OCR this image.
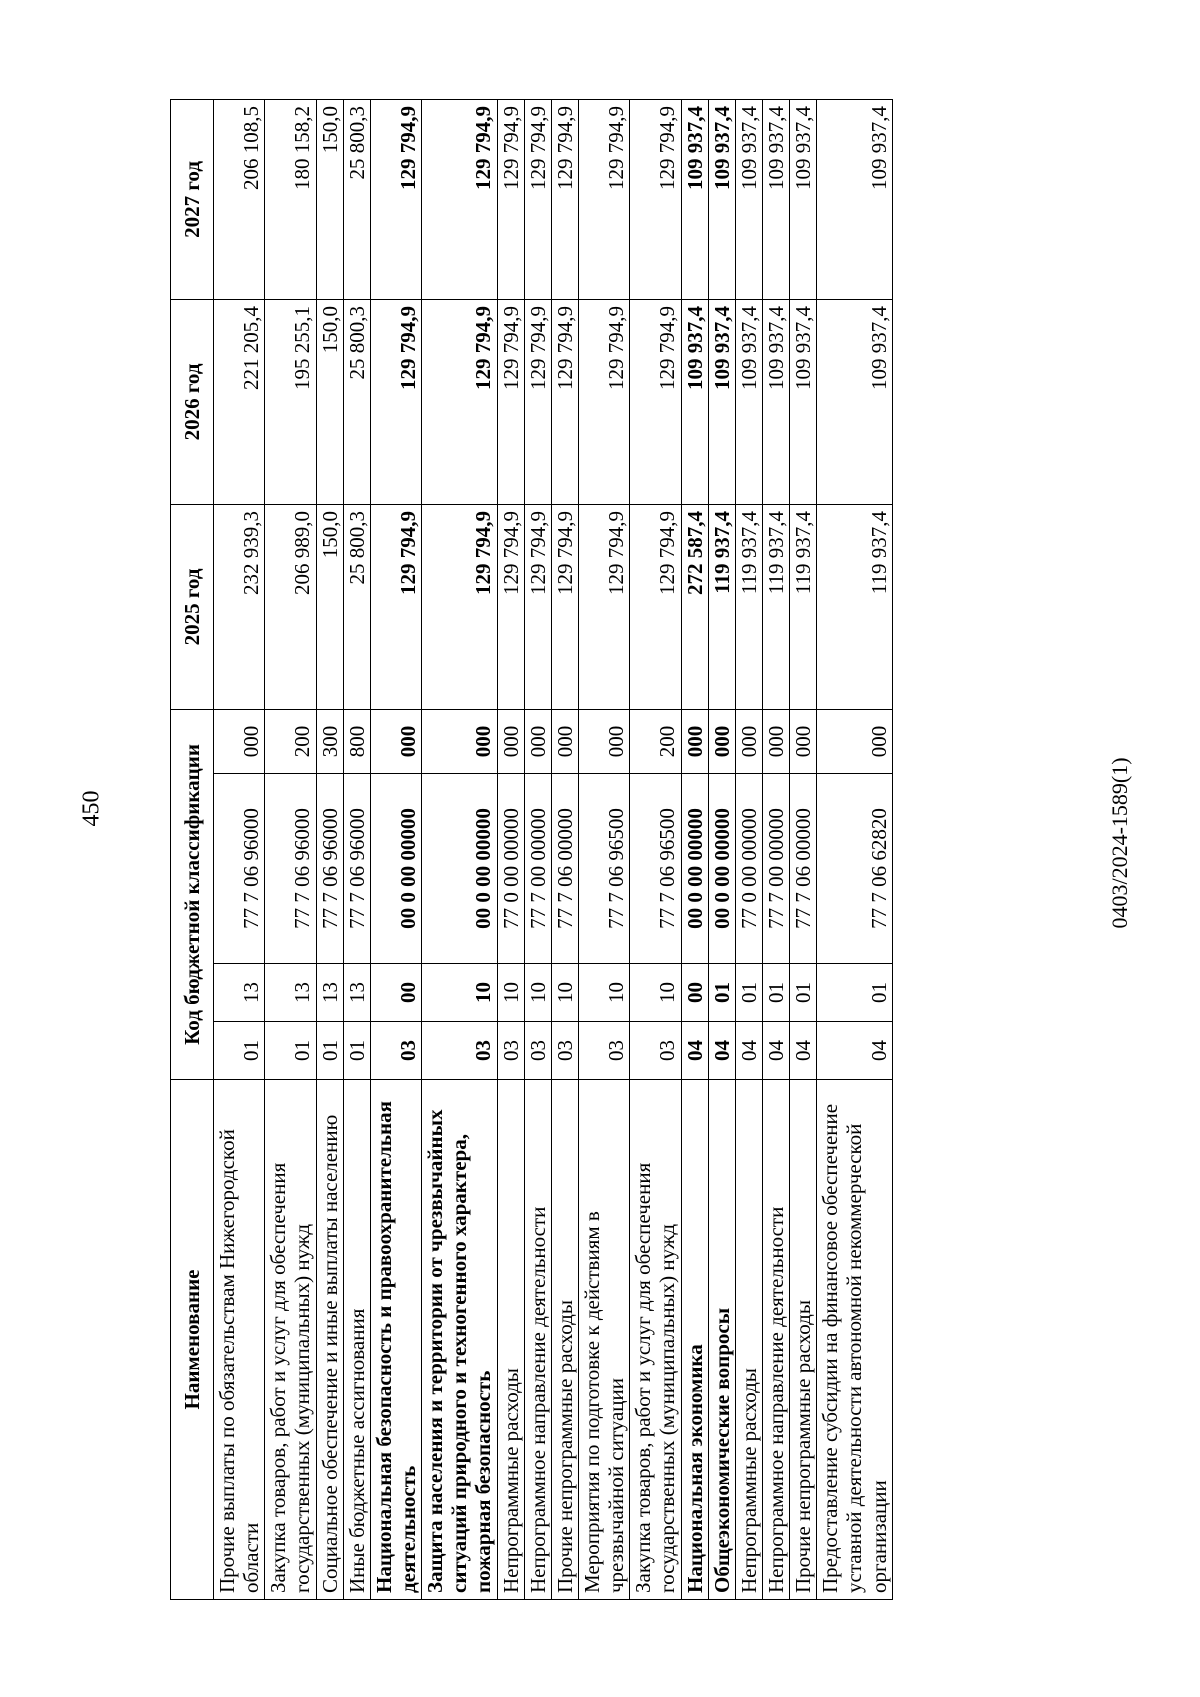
450
Наименование	Код бюджетной классификации				2025 год	2026 год	2027 год
Прочие выплаты по обязательствам Нижегородской области	01	13	77 7 06 96000	000	232 939,3	221 205,4	206 108,5
Закупка товаров, работ и услуг для обеспечения государственных (муниципальных) нужд	01	13	77 7 06 96000	200	206 989,0	195 255,1	180 158,2
Социальное обеспечение и иные выплаты населению	01	13	77 7 06 96000	300	150,0	150,0	150,0
Иные бюджетные ассигнования	01	13	77 7 06 96000	800	25 800,3	25 800,3	25 800,3
Национальная безопасность и правоохранительная деятельность	03	00	00 0 00 00000	000	129 794,9	129 794,9	129 794,9
Защита населения и территории от чрезвычайных ситуаций природного и техногенного характера, пожарная безопасность	03	10	00 0 00 00000	000	129 794,9	129 794,9	129 794,9
Непрограммные расходы	03	10	77 0 00 00000	000	129 794,9	129 794,9	129 794,9
Непрограммное направление деятельности	03	10	77 7 00 00000	000	129 794,9	129 794,9	129 794,9
Прочие непрограммные расходы	03	10	77 7 06 00000	000	129 794,9	129 794,9	129 794,9
Мероприятия по подготовке к действиям в чрезвычайной ситуации	03	10	77 7 06 96500	000	129 794,9	129 794,9	129 794,9
Закупка товаров, работ и услуг для обеспечения государственных (муниципальных) нужд	03	10	77 7 06 96500	200	129 794,9	129 794,9	129 794,9
Национальная экономика	04	00	00 0 00 00000	000	272 587,4	109 937,4	109 937,4
Общеэкономические вопросы	04	01	00 0 00 00000	000	119 937,4	109 937,4	109 937,4
Непрограммные расходы	04	01	77 0 00 00000	000	119 937,4	109 937,4	109 937,4
Непрограммное направление деятельности	04	01	77 7 00 00000	000	119 937,4	109 937,4	109 937,4
Прочие непрограммные расходы	04	01	77 7 06 00000	000	119 937,4	109 937,4	109 937,4
Предоставление субсидии на финансовое обеспечение уставной деятельности автономной некоммерческой организации	04	01	77 7 06 62820	000	119 937,4	109 937,4	109 937,4
0403/2024-1589(1)
